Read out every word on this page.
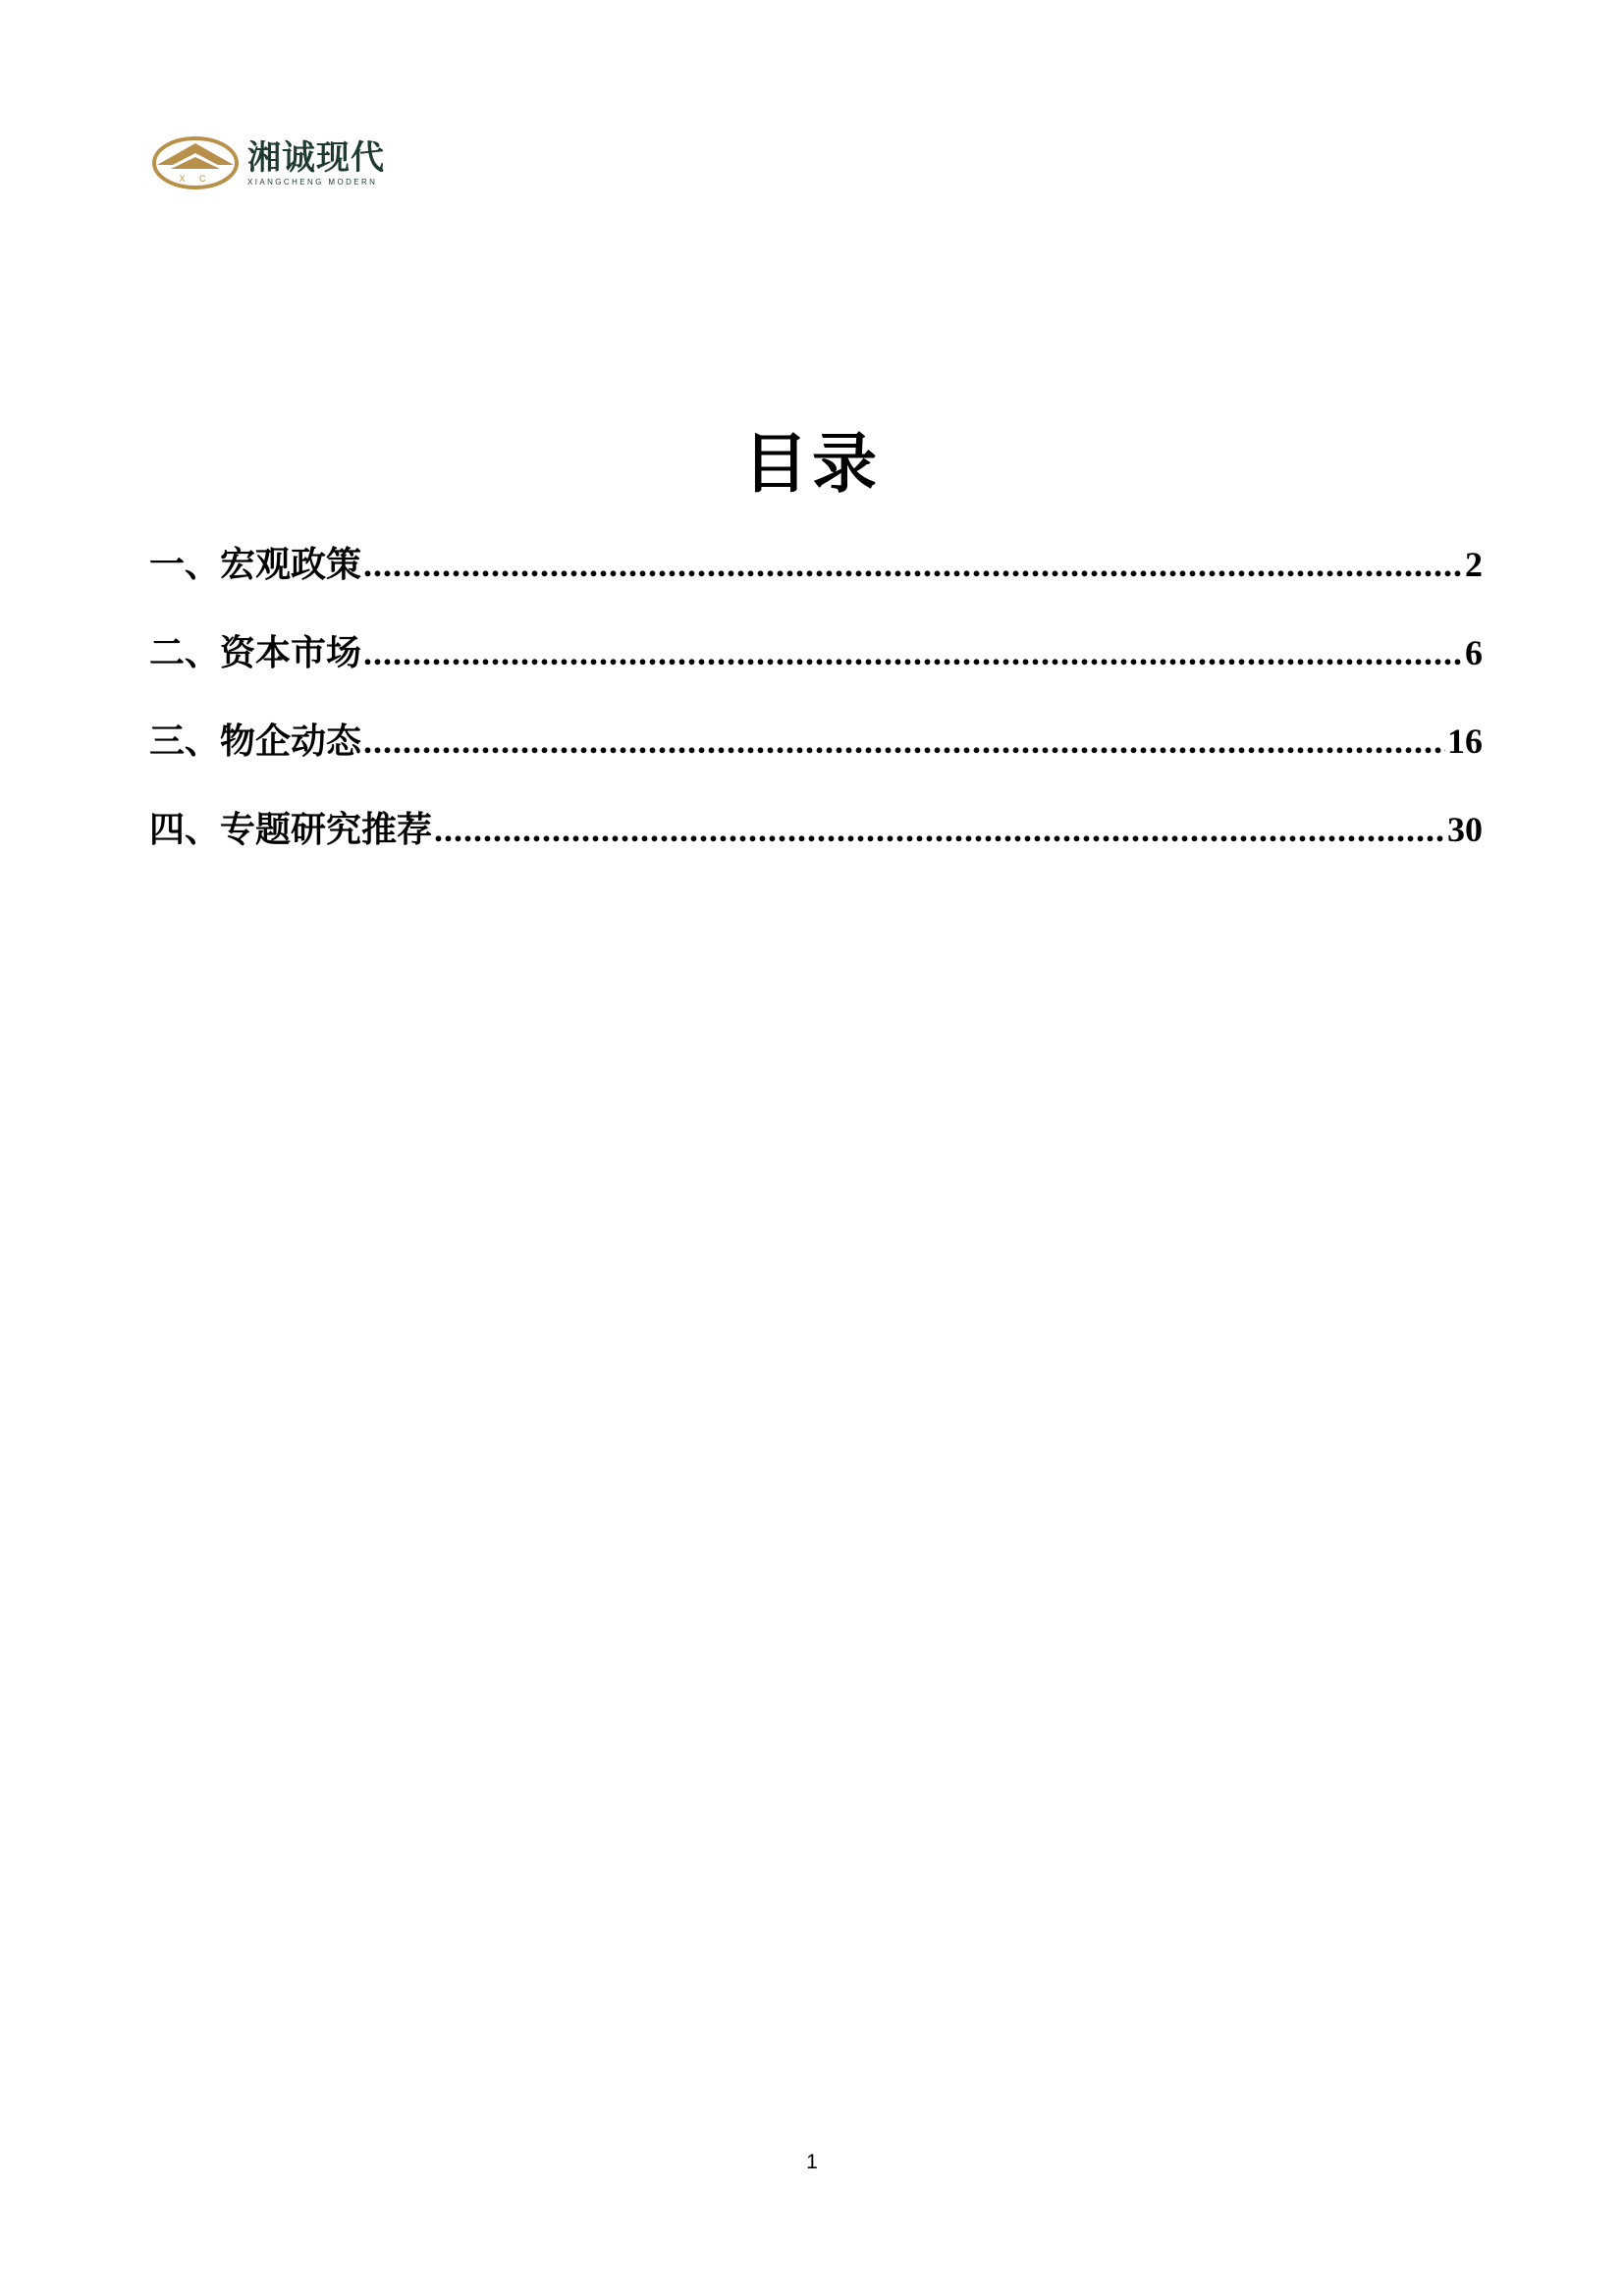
X C
湘诚现代
XIANGCHENG MODERN
目录
一、宏观政策 .....	2
二、资本市场 .....	6
三、物企动态 .....	16
四、专题研究推荐 .....	30
1
